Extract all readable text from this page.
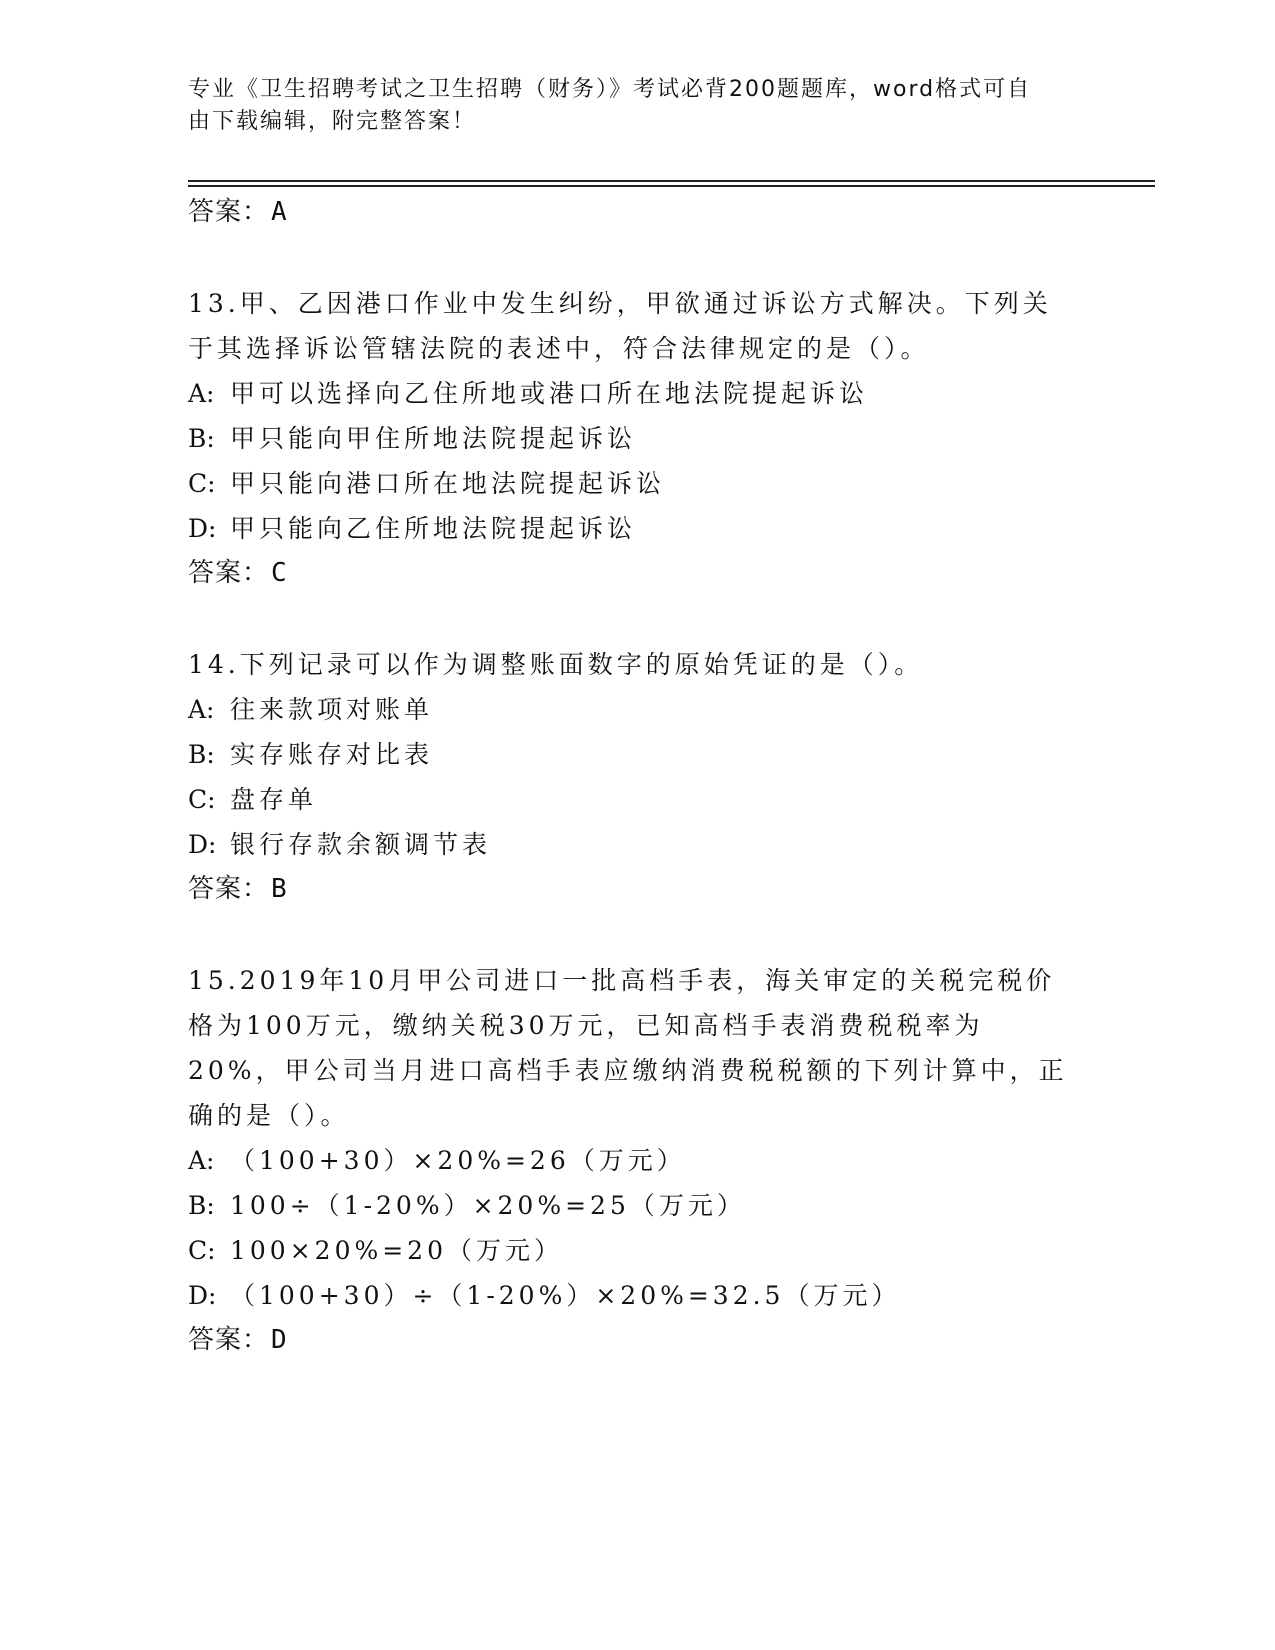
专业《卫生招聘考试之卫生招聘（财务）》考试必背200题题库，word格式可自
由下载编辑，附完整答案！

答案：A

13.甲、乙因港口作业中发生纠纷，甲欲通过诉讼方式解决。下列关于其选择诉讼管辖法院的表述中，符合法律规定的是（）。

A: 甲可以选择向乙住所地或港口所在地法院提起诉讼

B: 甲只能向甲住所地法院提起诉讼

C: 甲只能向港口所在地法院提起诉讼

D: 甲只能向乙住所地法院提起诉讼

答案：C

14.下列记录可以作为调整账面数字的原始凭证的是（）。

A: 往来款项对账单

B: 实存账存对比表

C: 盘存单

D: 银行存款余额调节表

答案：B

15.2019年10月甲公司进口一批高档手表，海关审定的关税完税价格为100万元，缴纳关税30万元，已知高档手表消费税税率为20%，甲公司当月进口高档手表应缴纳消费税税额的下列计算中，正确的是（）。

A: （100+30）×20%=26（万元）

B: 100÷（1-20%）×20%=25（万元）

C: 100×20%=20（万元）

D: （100+30）÷（1-20%）×20%=32.5（万元）

答案：D
